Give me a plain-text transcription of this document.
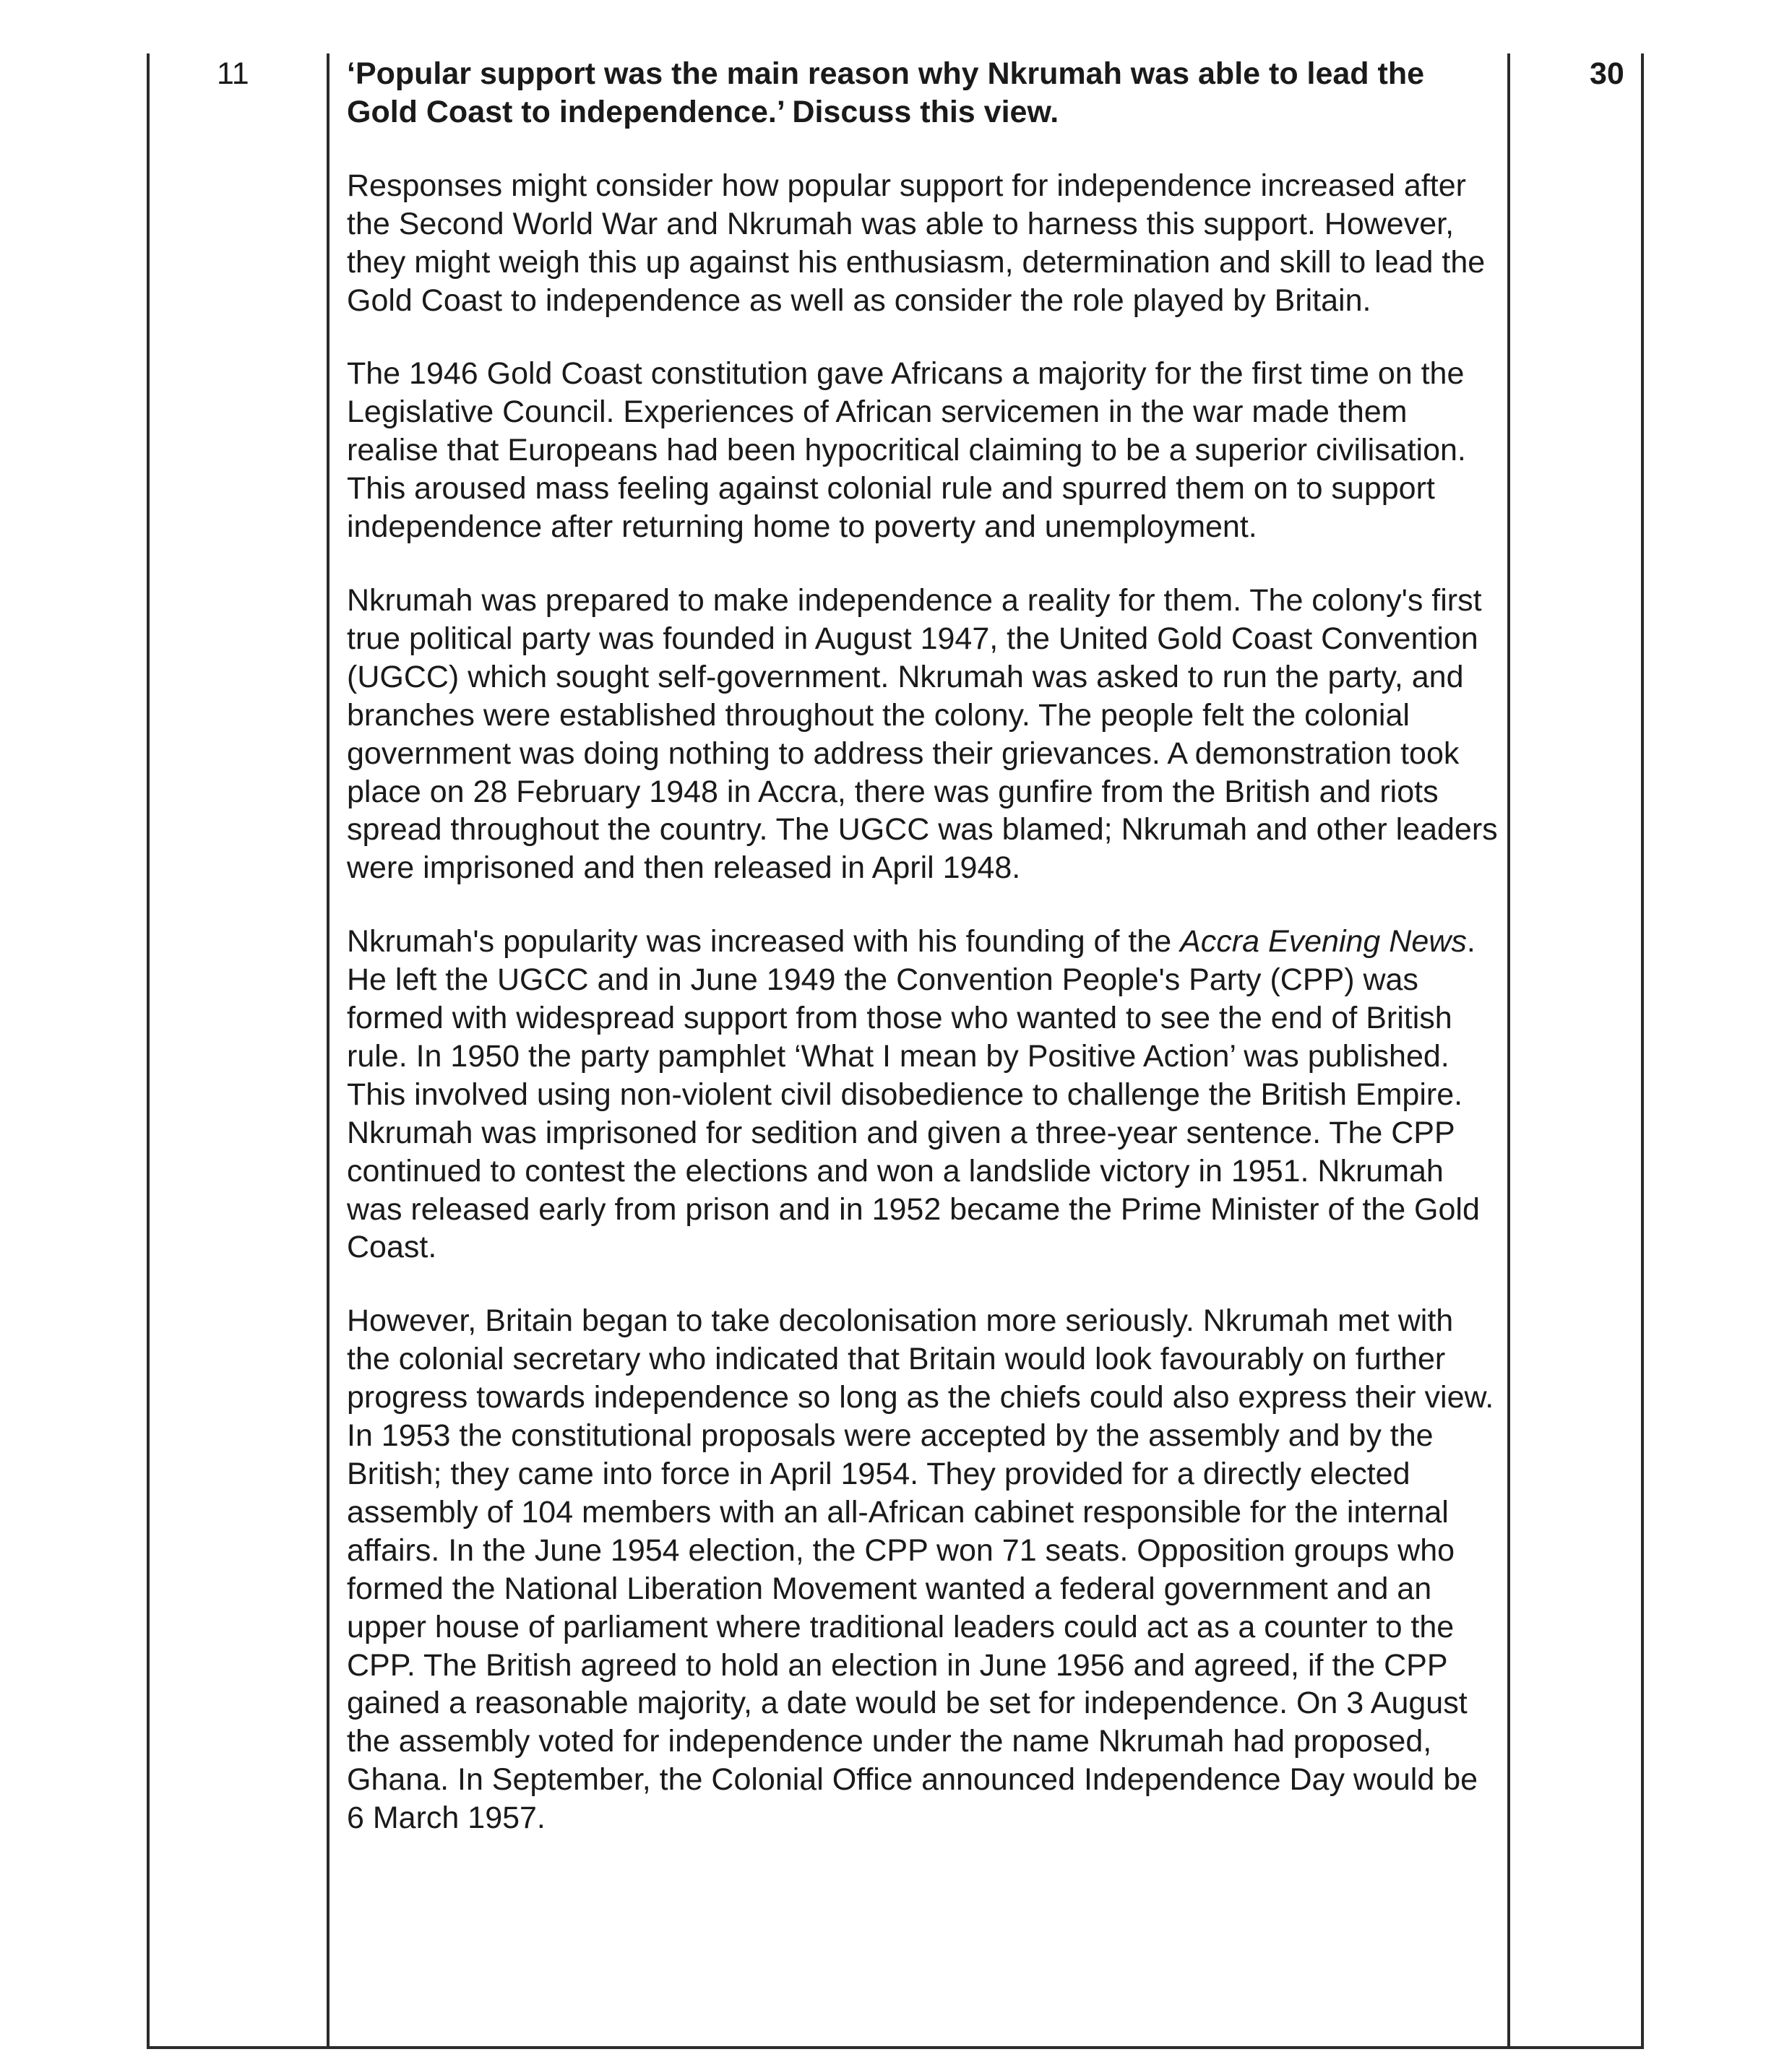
11	30

‘Popular support was the main reason why Nkrumah was able to lead the Gold Coast to independence.’ Discuss this view.

Responses might consider how popular support for independence increased after the Second World War and Nkrumah was able to harness this support. However, they might weigh this up against his enthusiasm, determination and skill to lead the Gold Coast to independence as well as consider the role played by Britain.

The 1946 Gold Coast constitution gave Africans a majority for the first time on the Legislative Council. Experiences of African servicemen in the war made them realise that Europeans had been hypocritical claiming to be a superior civilisation. This aroused mass feeling against colonial rule and spurred them on to support independence after returning home to poverty and unemployment.

Nkrumah was prepared to make independence a reality for them. The colony's first true political party was founded in August 1947, the United Gold Coast Convention (UGCC) which sought self-government. Nkrumah was asked to run the party, and branches were established throughout the colony. The people felt the colonial government was doing nothing to address their grievances. A demonstration took place on 28 February 1948 in Accra, there was gunfire from the British and riots spread throughout the country. The UGCC was blamed; Nkrumah and other leaders were imprisoned and then released in April 1948.

Nkrumah's popularity was increased with his founding of the Accra Evening News. He left the UGCC and in June 1949 the Convention People's Party (CPP) was formed with widespread support from those who wanted to see the end of British rule. In 1950 the party pamphlet ‘What I mean by Positive Action’ was published. This involved using non-violent civil disobedience to challenge the British Empire. Nkrumah was imprisoned for sedition and given a three-year sentence. The CPP continued to contest the elections and won a landslide victory in 1951. Nkrumah was released early from prison and in 1952 became the Prime Minister of the Gold Coast.

However, Britain began to take decolonisation more seriously. Nkrumah met with the colonial secretary who indicated that Britain would look favourably on further progress towards independence so long as the chiefs could also express their view. In 1953 the constitutional proposals were accepted by the assembly and by the British; they came into force in April 1954. They provided for a directly elected assembly of 104 members with an all-African cabinet responsible for the internal affairs. In the June 1954 election, the CPP won 71 seats. Opposition groups who formed the National Liberation Movement wanted a federal government and an upper house of parliament where traditional leaders could act as a counter to the CPP. The British agreed to hold an election in June 1956 and agreed, if the CPP gained a reasonable majority, a date would be set for independence. On 3 August the assembly voted for independence under the name Nkrumah had proposed, Ghana. In September, the Colonial Office announced Independence Day would be 6 March 1957.
